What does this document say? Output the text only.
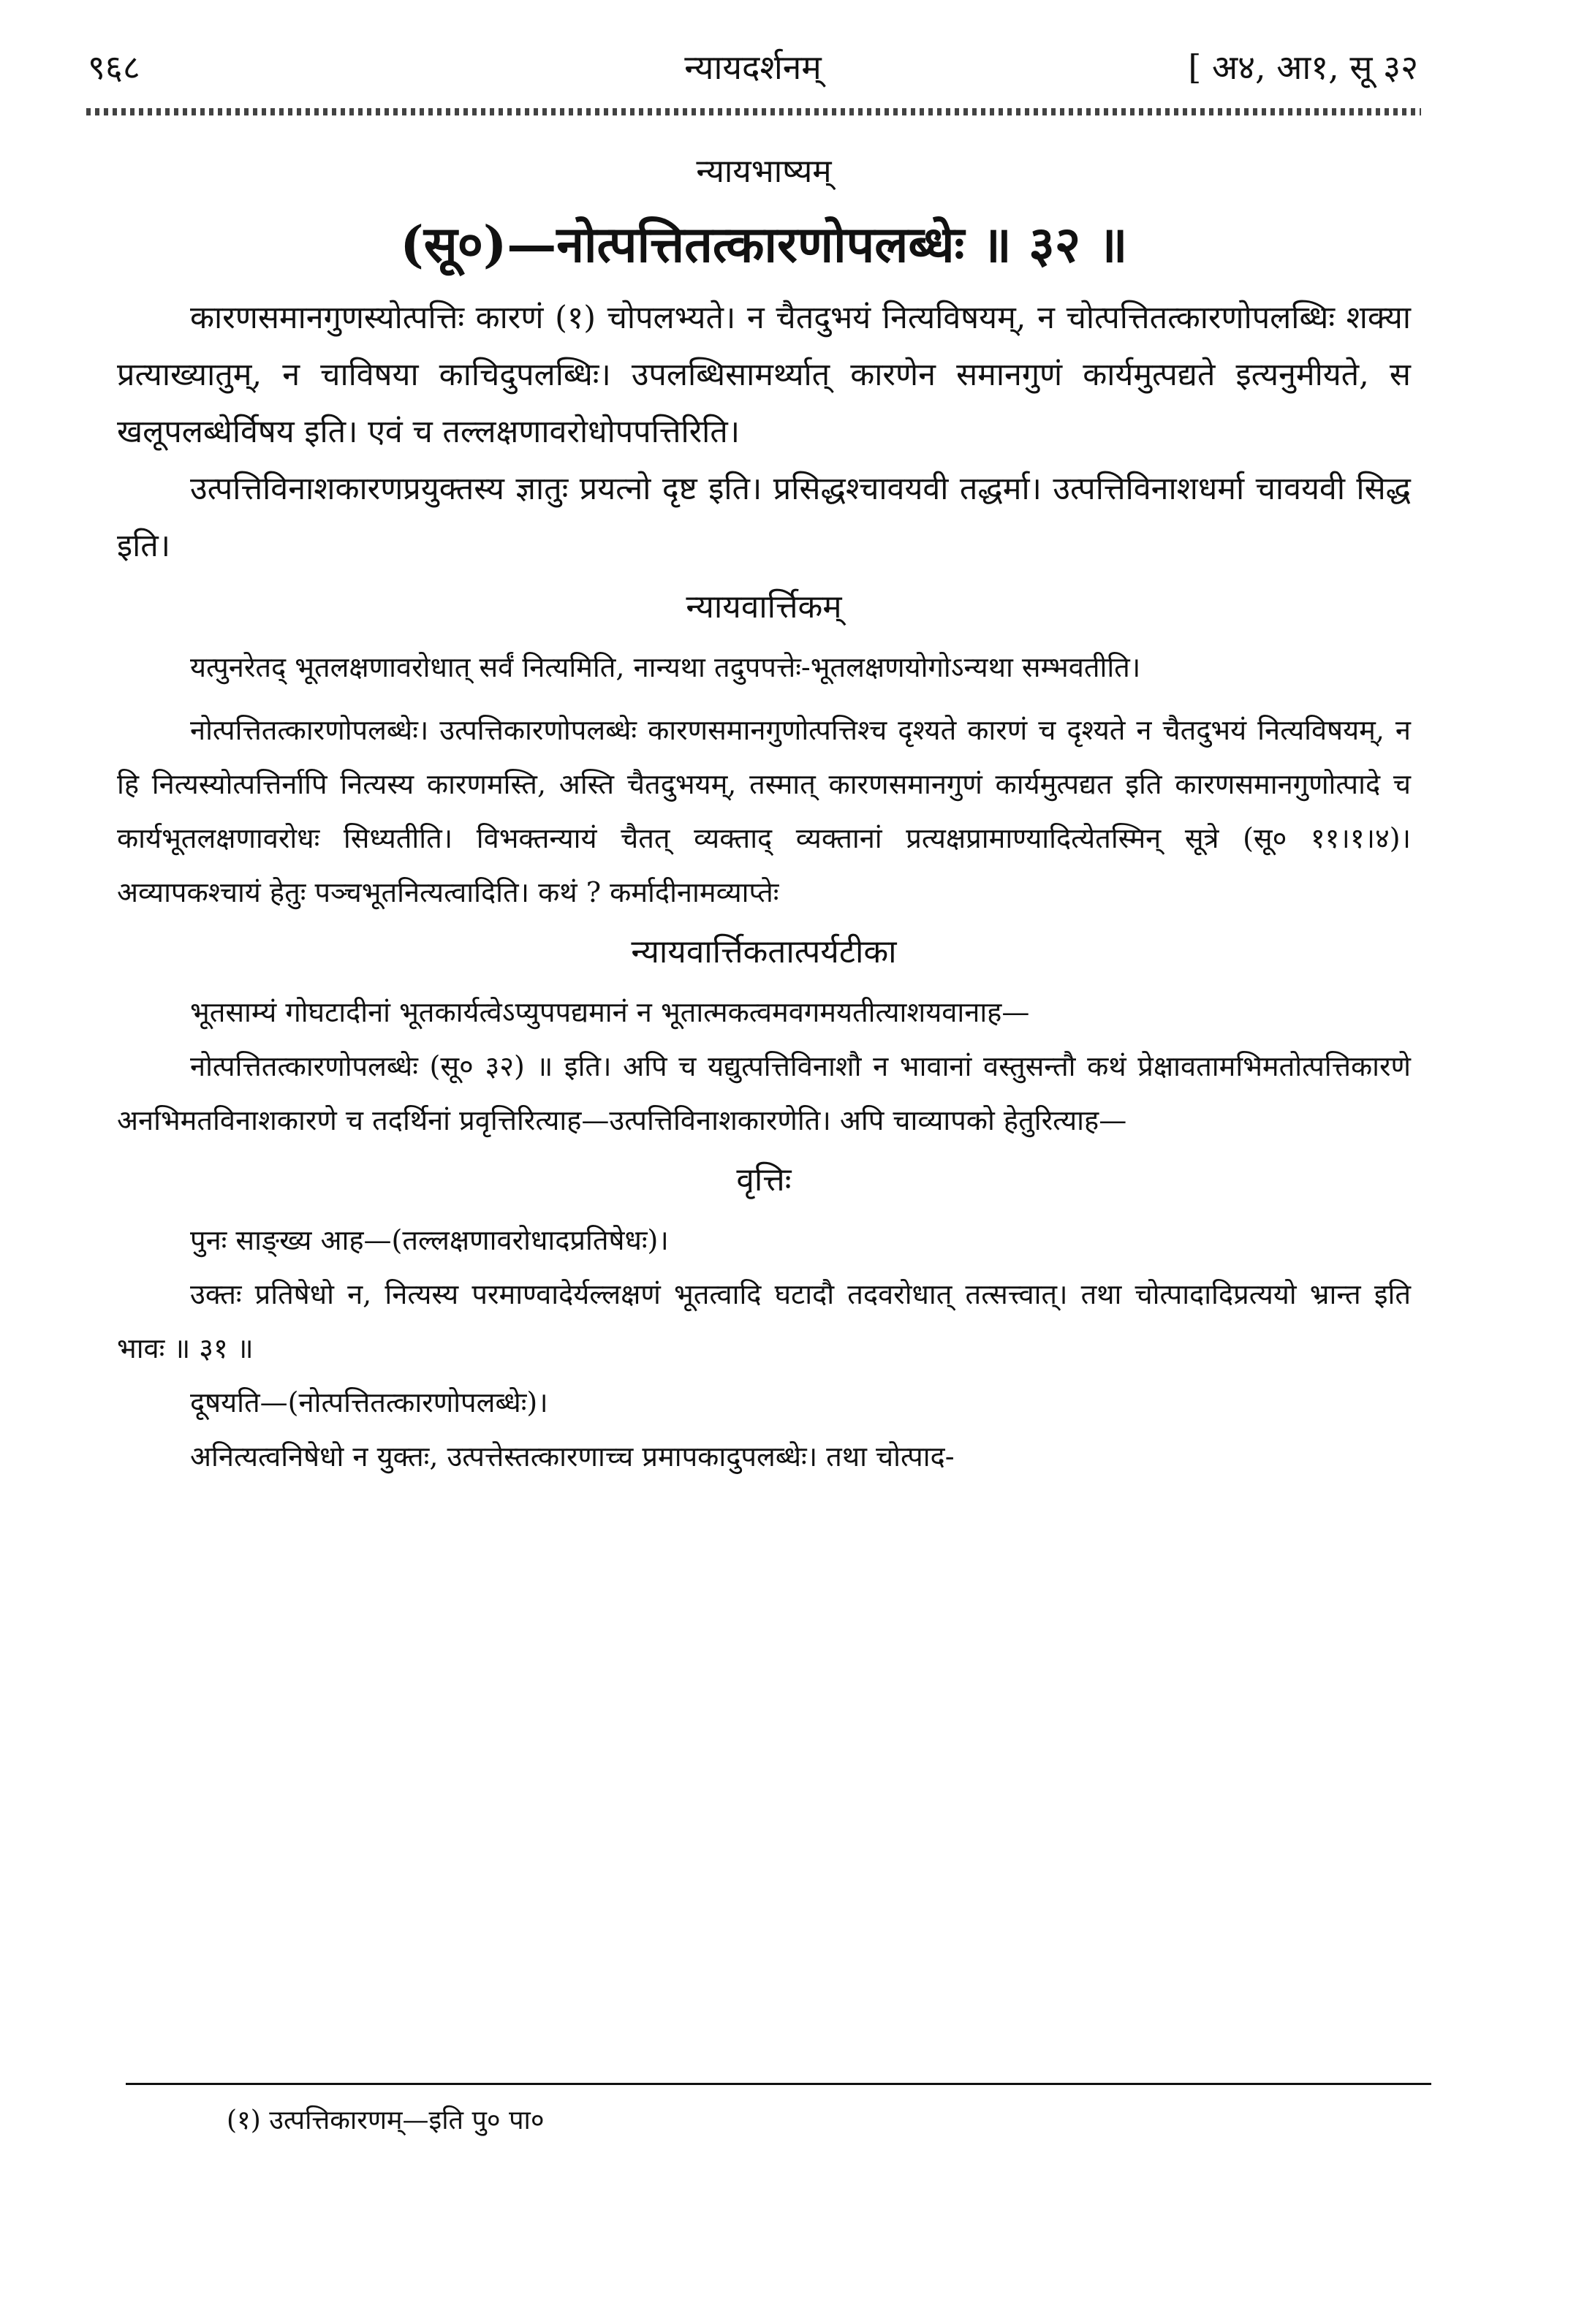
९६८	न्यायदर्शनम्	[ अ४, आ१, सू ३२
न्यायभाष्यम्
(सू०)—नोत्पत्तितत्कारणोपलब्धेः ॥ ३२ ॥

कारणसमानगुणस्योत्पत्तिः कारणं (१) चोपलभ्यते। न चैतदुभयं नित्यविषयम्, न चोत्पत्तितत्कारणोपलब्धिः शक्या प्रत्याख्यातुम्, न चाविषया काचिदुपलब्धिः। उपलब्धिसामर्थ्यात् कारणेन समानगुणं कार्यमुत्पद्यते इत्यनुमीयते, स खलूपलब्धेर्विषय इति। एवं च तल्लक्षणावरोधोपपत्तिरिति।

उत्पत्तिविनाशकारणप्रयुक्तस्य ज्ञातुः प्रयत्नो दृष्ट इति। प्रसिद्धश्चावयवी तद्धर्मा। उत्पत्तिविनाशधर्मा चावयवी सिद्ध इति।

न्यायवार्त्तिकम्

यत्पुनरेतद् भूतलक्षणावरोधात् सर्वं नित्यमिति, नान्यथा तदुपपत्तेः-भूतलक्षणयोगोऽन्यथा सम्भवतीति।

नोत्पत्तितत्कारणोपलब्धेः। उत्पत्तिकारणोपलब्धेः कारणसमानगुणोत्पत्तिश्च दृश्यते कारणं च दृश्यते न चैतदुभयं नित्यविषयम्, न हि नित्यस्योत्पत्तिर्नापि नित्यस्य कारणमस्ति, अस्ति चैतदुभयम्, तस्मात् कारणसमानगुणं कार्यमुत्पद्यत इति कारणसमानगुणोत्पादे च कार्यभूतलक्षणावरोधः सिध्यतीति। विभक्तन्यायं चैतत् व्यक्ताद् व्यक्तानां प्रत्यक्षप्रामाण्यादित्येतस्मिन् सूत्रे (सू० ११।१।४)। अव्यापकश्चायं हेतुः पञ्चभूतनित्यत्वादिति। कथं ? कर्मादीनामव्याप्तेः

न्यायवार्त्तिकतात्पर्यटीका

भूतसाम्यं गोघटादीनां भूतकार्यत्वेऽप्युपपद्यमानं न भूतात्मकत्वमवगमयतीत्याशयवानाह—

नोत्पत्तितत्कारणोपलब्धेः (सू० ३२) ॥ इति। अपि च यद्युत्पत्तिविनाशौ न भावानां वस्तुसन्तौ कथं प्रेक्षावतामभिमतोत्पत्तिकारणे अनभिमतविनाशकारणे च तदर्थिनां प्रवृत्तिरित्याह—उत्पत्तिविनाशकारणेति। अपि चाव्यापको हेतुरित्याह—

वृत्तिः

पुनः साङ्ख्य आह—(तल्लक्षणावरोधादप्रतिषेधः)।

उक्तः प्रतिषेधो न, नित्यस्य परमाण्वादेर्यल्लक्षणं भूतत्वादि घटादौ तदवरोधात् तत्सत्त्वात्। तथा चोत्पादादिप्रत्ययो भ्रान्त इति भावः ॥ ३१ ॥

दूषयति—(नोत्पत्तितत्कारणोपलब्धेः)।

अनित्यत्वनिषेधो न युक्तः, उत्पत्तेस्तत्कारणाच्च प्रमापकादुपलब्धेः। तथा चोत्पाद-

(१) उत्पत्तिकारणम्—इति पु० पा०
